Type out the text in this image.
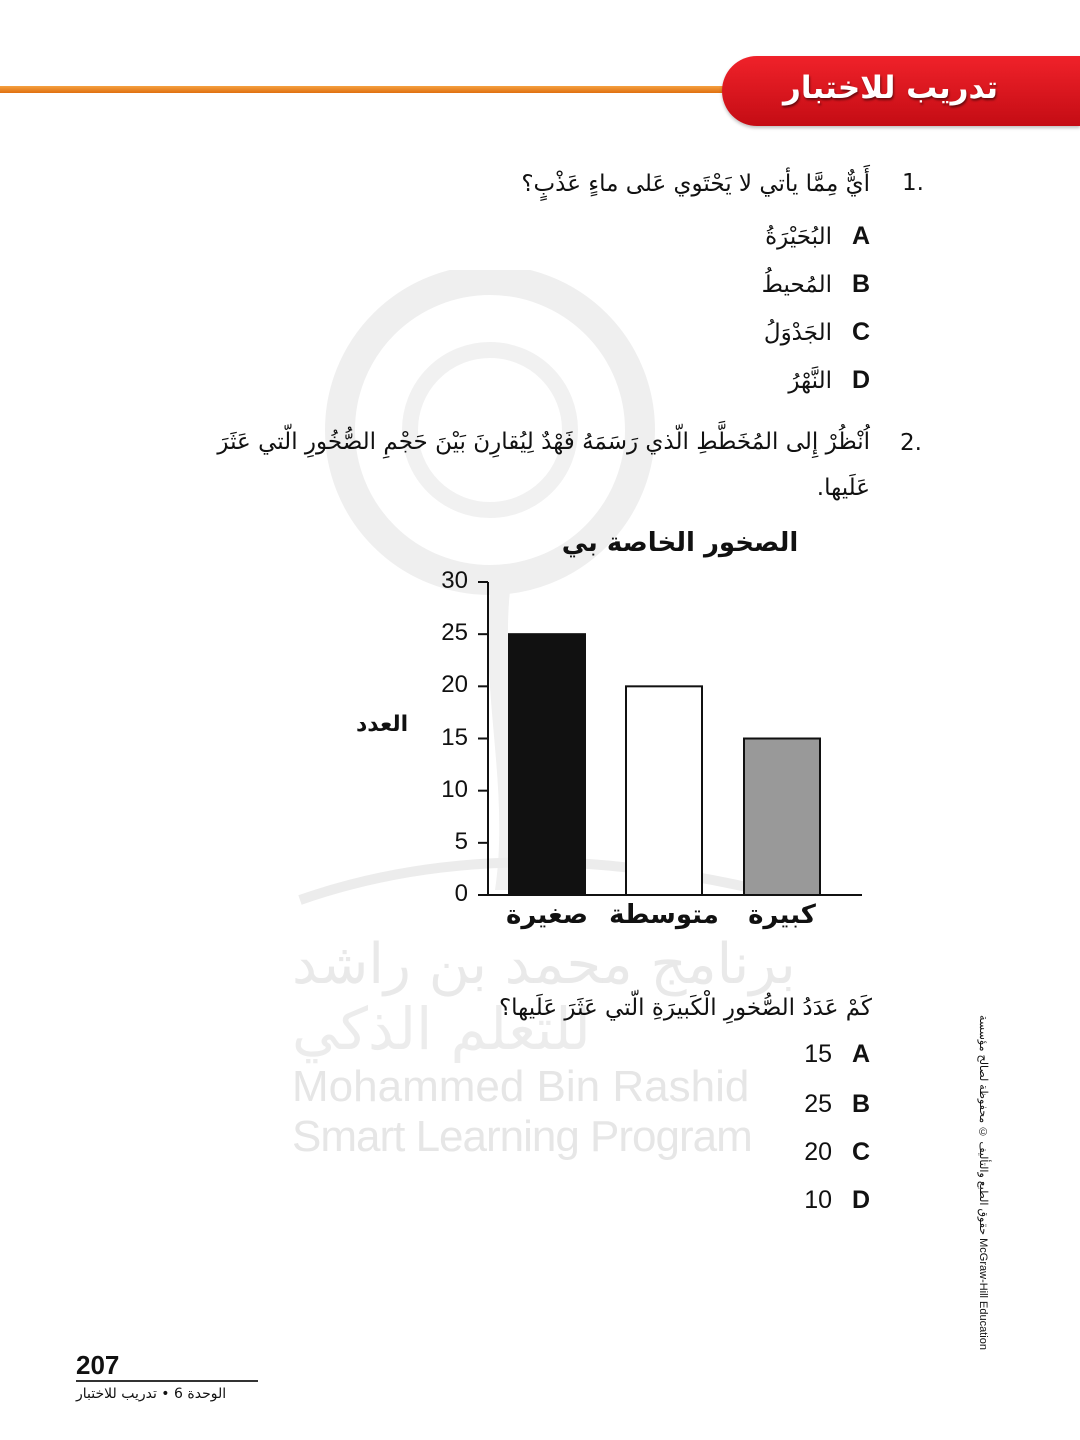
تدريب للاختبار
برنامج محمد بن راشد
للتعلم الذكي
Mohammed Bin Rashid
Smart Learning Program
1.
أَيٌّ مِمَّا يأتي لا يَحْتَوي عَلى ماءٍ عَذْبٍ؟
A
البُحَيْرَةُ
B
المُحيطُ
C
الجَدْوَلُ
D
النَّهْرُ
2.
اُنْظُرْ إِلى المُخَطَّطِ الّذي رَسَمَهُ فَهْدٌ لِيُقارِنَ بَيْنَ حَجْمِ الصُّخُورِ الّتي عَثَرَ
عَلَيها.
الصخور الخاصة بي
العدد
0
5
10
15
20
25
30
صغيرة متوسطة	كبيرة
كَمْ عَدَدُ الصُّخورِ الْكَبيرَةِ الّتي عَثَرَ عَلَيها؟
A
15
B
25
C
20
D
10	حقوق الطبع والتأليف © محفوظة لصالح مؤسسة McGraw-Hill Education
207
الوحدة 6 • تدريب للاختبار
